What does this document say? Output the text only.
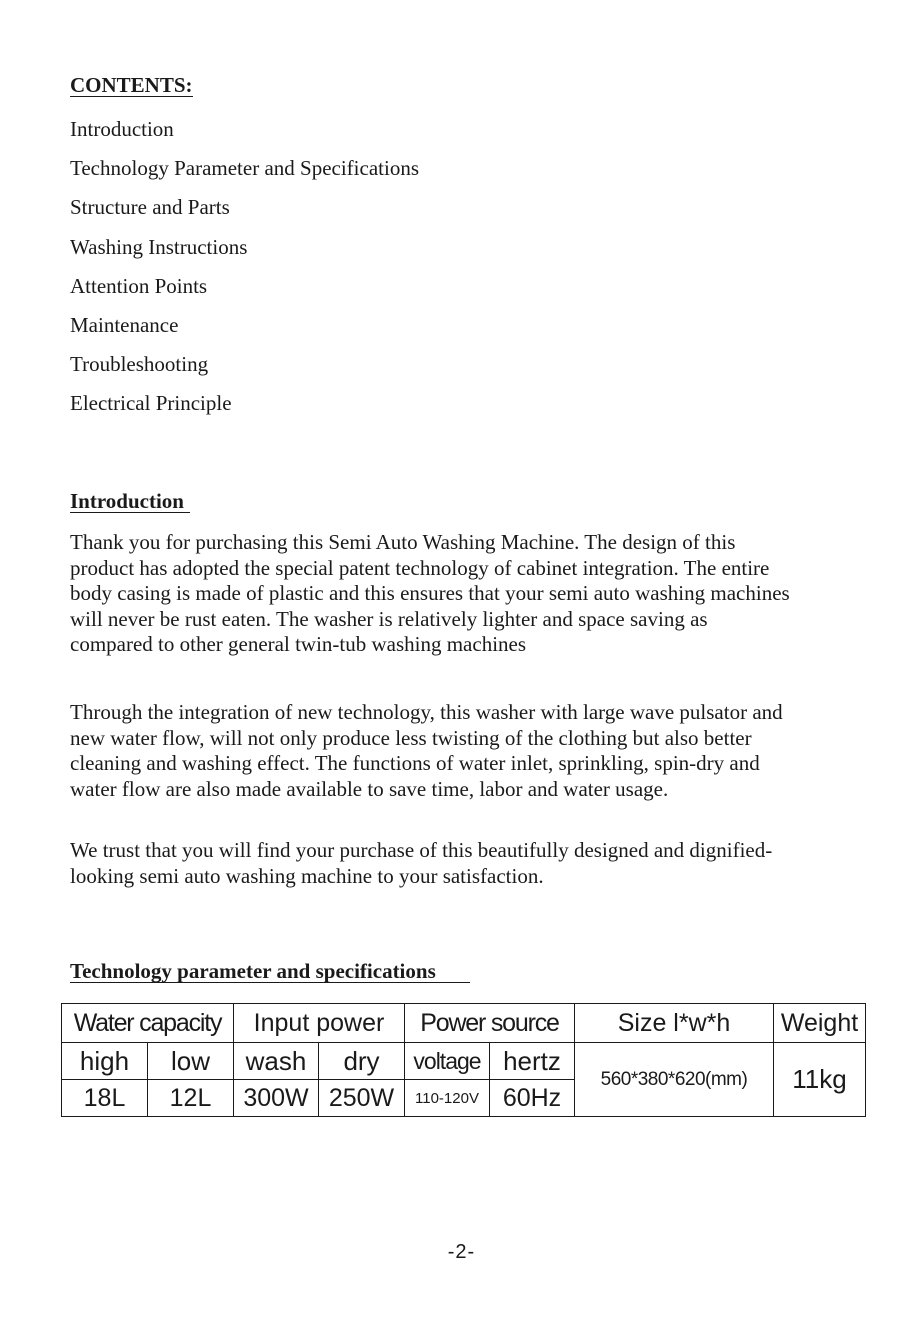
CONTENTS:
Introduction
Technology Parameter and Specifications
Structure and Parts
Washing Instructions
Attention Points
Maintenance
Troubleshooting
Electrical Principle
Introduction

Thank you for purchasing this Semi Auto Washing Machine. The design of this product has adopted the special patent technology of cabinet integration. The entire body casing is made of plastic and this ensures that your semi auto washing machines will never be rust eaten. The washer is relatively lighter and space saving as compared to other general twin-tub washing machines

Through the integration of new technology, this washer with large wave pulsator and new water flow, will not only produce less twisting of the clothing but also better cleaning and washing effect. The functions of water inlet, sprinkling, spin-dry and water flow are also made available to save time, labor and water usage.

We trust that you will find your purchase of this beautifully designed and dignified-looking semi auto washing machine to your satisfaction.

Technology parameter and specifications
Water capacity		Input power		Power source		Size l*w*h	Weight
high	low	wash	dry	voltage	hertz	560*380*620(mm)	11kg
18L	12L	300W	250W	110-120V	60Hz		
-2-
